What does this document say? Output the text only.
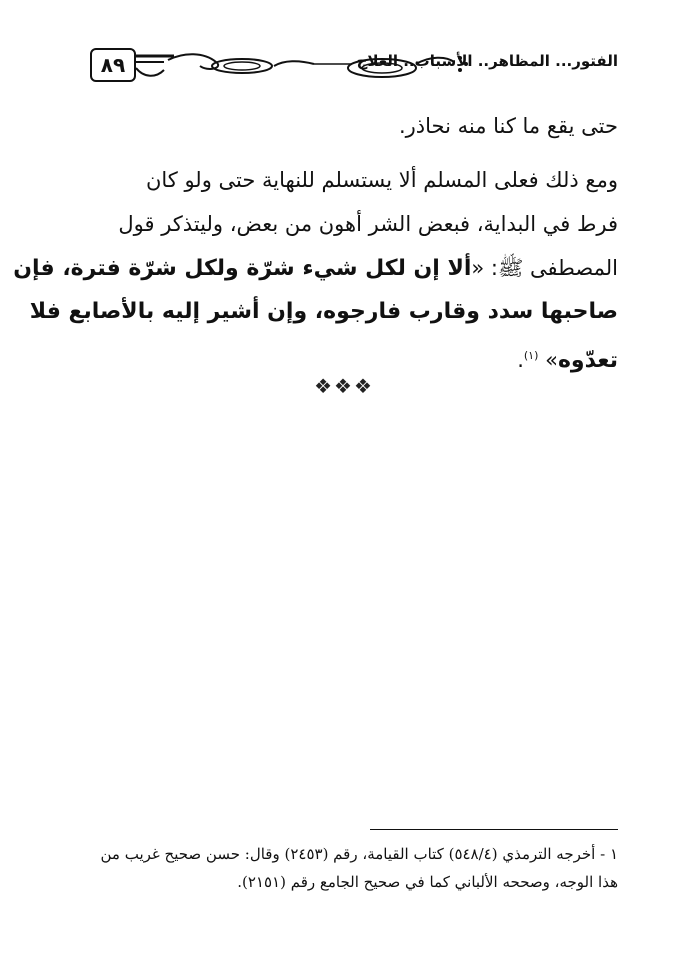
٨٩	الفتور... المظاهر.. الأسباب.. العلاج
حتى يقع ما كنا منه نحاذر.
ومع ذلك فعلى المسلم ألا يستسلم للنهاية حتى ولو كان
فرط في البداية، فبعض الشر أهون من بعض، وليتذكر قول
المصطفى ﷺ: «ألا إن لكل شيء شرّة ولكل شرّة فترة، فإن
صاحبها سدد وقارب فارجوه، وإن أشير إليه بالأصابع فلا
تعدّوه» $^{(١)}$.
❖❖❖
١ - أخرجه الترمذي (٥٤٨/٤) كتاب القيامة، رقم (٢٤٥٣) وقال: حسن صحيح غريب من
هذا الوجه، وصححه الألباني كما في صحيح الجامع رقم (٢١٥١).
